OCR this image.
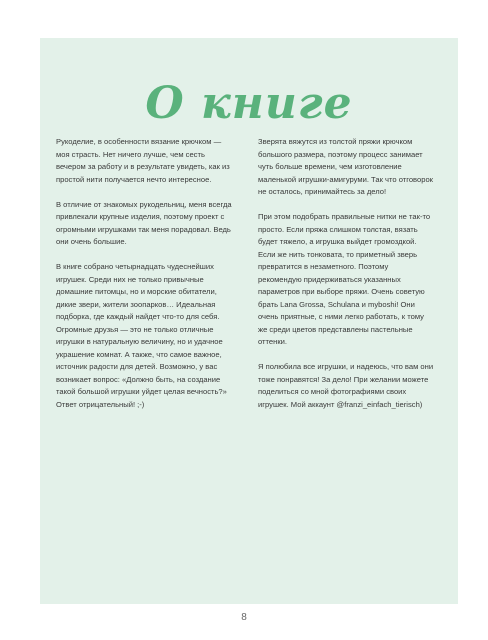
О книге

Рукоделие, в особенности вязание крючком — моя страсть. Нет ничего лучше, чем сесть вечером за работу и в результате увидеть, как из простой нити получается нечто интересное.

В отличие от знакомых рукодельниц, меня всегда привлекали крупные изделия, поэтому проект с огромными игрушками так меня порадовал. Ведь они очень большие.

В книге собрано четырнадцать чудеснейших игрушек. Среди них не только привычные домашние питомцы, но и морские обитатели, дикие звери, жители зоопарков… Идеальная подборка, где каждый найдет что-то для себя. Огромные друзья — это не только отличные игрушки в натуральную величину, но и удачное украшение комнат. А также, что самое важное, источник радости для детей. Возможно, у вас возникает вопрос: «Должно быть, на создание такой большой игрушки уйдет целая вечность?» Ответ отрицательный! ;-)

Зверята вяжутся из толстой пряжи крючком большого размера, поэтому процесс занимает чуть больше времени, чем изготовление маленькой игрушки-амигуруми. Так что отговорок не осталось, принимайтесь за дело!

При этом подобрать правильные нитки не так-то просто. Если пряжа слишком толстая, вязать будет тяжело, а игрушка выйдет громоздкой. Если же нить тонковата, то приметный зверь превратится в незаметного. Поэтому рекомендую придерживаться указанных параметров при выборе пряжи. Очень советую брать Lana Grossa, Schulana и myboshi! Они очень приятные, с ними легко работать, к тому же среди цветов представлены пастельные оттенки.

Я полюбила все игрушки, и надеюсь, что вам они тоже понравятся! За дело! При желании можете поделиться со мной фотографиями своих игрушек. Мой аккаунт @franzi_einfach_tierisch)

8
